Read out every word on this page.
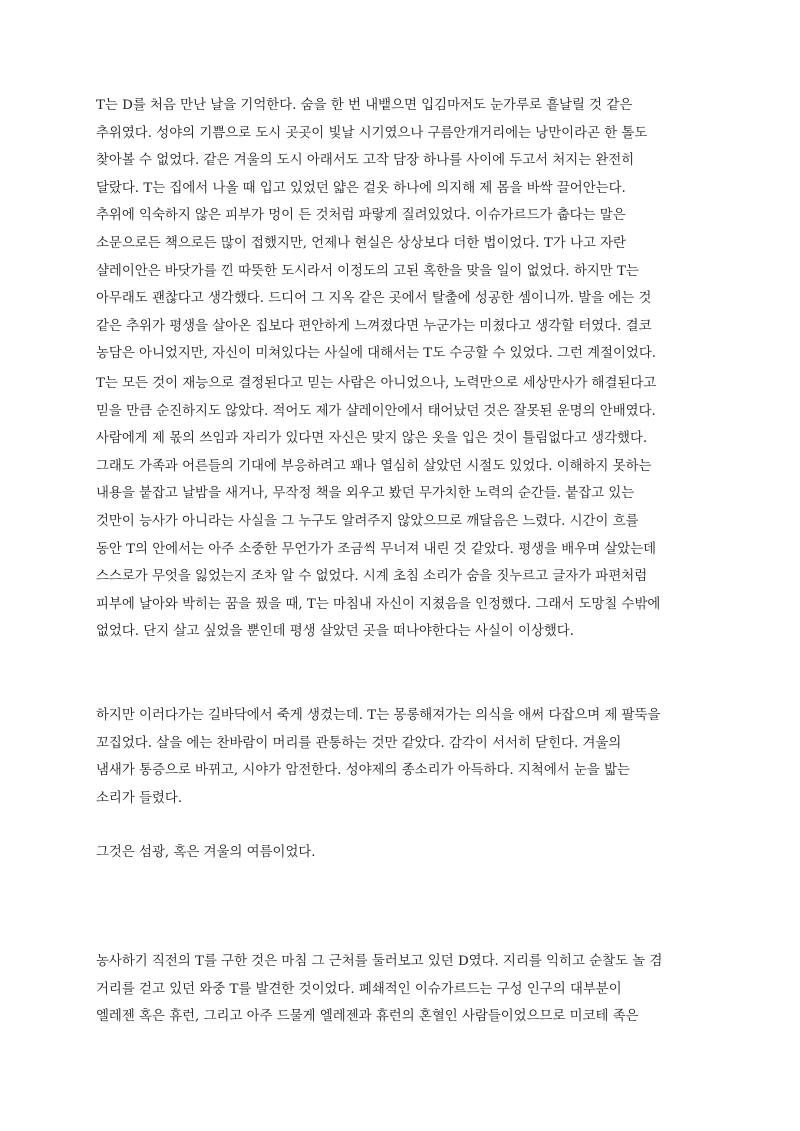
T는 D를 처음 만난 날을 기억한다. 숨을 한 번 내뱉으면 입김마저도 눈가루로 흩날릴 것 같은
추위였다. 성야의 기쁨으로 도시 곳곳이 빛날 시기였으나 구름안개거리에는 낭만이라곤 한 톨도
찾아볼 수 없었다. 같은 겨울의 도시 아래서도 고작 담장 하나를 사이에 두고서 처지는 완전히
달랐다. T는 집에서 나올 때 입고 있었던 얇은 겉옷 하나에 의지해 제 몸을 바싹 끌어안는다.
추위에 익숙하지 않은 피부가 멍이 든 것처럼 파랗게 질려있었다. 이슈가르드가 춥다는 말은
소문으로든 책으로든 많이 접했지만, 언제나 현실은 상상보다 더한 법이었다. T가 나고 자란
샬레이안은 바닷가를 낀 따뜻한 도시라서 이정도의 고된 혹한을 맞을 일이 없었다. 하지만 T는
아무래도 괜찮다고 생각했다. 드디어 그 지옥 같은 곳에서 탈출에 성공한 셈이니까. 발을 에는 것
같은 추위가 평생을 살아온 집보다 편안하게 느껴졌다면 누군가는 미쳤다고 생각할 터였다. 결코
농담은 아니었지만, 자신이 미쳐있다는 사실에 대해서는 T도 수긍할 수 있었다. 그런 계절이었다.
T는 모든 것이 재능으로 결정된다고 믿는 사람은 아니었으나, 노력만으로 세상만사가 해결된다고
믿을 만큼 순진하지도 않았다. 적어도 제가 샬레이안에서 태어났던 것은 잘못된 운명의 안배였다.
사람에게 제 몫의 쓰임과 자리가 있다면 자신은 맞지 않은 옷을 입은 것이 틀림없다고 생각했다.
그래도 가족과 어른들의 기대에 부응하려고 꽤나 열심히 살았던 시절도 있었다. 이해하지 못하는
내용을 붙잡고 날밤을 새거나, 무작정 책을 외우고 봤던 무가치한 노력의 순간들. 붙잡고 있는
것만이 능사가 아니라는 사실을 그 누구도 알려주지 않았으므로 깨달음은 느렸다. 시간이 흐를
동안 T의 안에서는 아주 소중한 무언가가 조금씩 무너져 내린 것 같았다. 평생을 배우며 살았는데
스스로가 무엇을 잃었는지 조차 알 수 없었다. 시계 초침 소리가 숨을 짓누르고 글자가 파편처럼
피부에 날아와 박히는 꿈을 꿨을 때, T는 마침내 자신이 지쳤음을 인정했다. 그래서 도망칠 수밖에
없었다. 단지 살고 싶었을 뿐인데 평생 살았던 곳을 떠나야한다는 사실이 이상했다.
하지만 이러다가는 길바닥에서 죽게 생겼는데. T는 몽롱해져가는 의식을 애써 다잡으며 제 팔뚝을
꼬집었다. 살을 에는 찬바람이 머리를 관통하는 것만 같았다. 감각이 서서히 닫힌다. 겨울의
냄새가 통증으로 바뀌고, 시야가 암전한다. 성야제의 종소리가 아득하다. 지척에서 눈을 밟는
소리가 들렸다.
그것은 섬광, 혹은 겨울의 여름이었다.
농사하기 직전의 T를 구한 것은 마침 그 근처를 둘러보고 있던 D였다. 지리를 익히고 순찰도 놀 겸
거리를 걷고 있던 와중 T를 발견한 것이었다. 폐쇄적인 이슈가르드는 구성 인구의 대부분이
엘레젠 혹은 휴런, 그리고 아주 드물게 엘레젠과 휴런의 혼혈인 사람들이었으므로 미코테 족은
